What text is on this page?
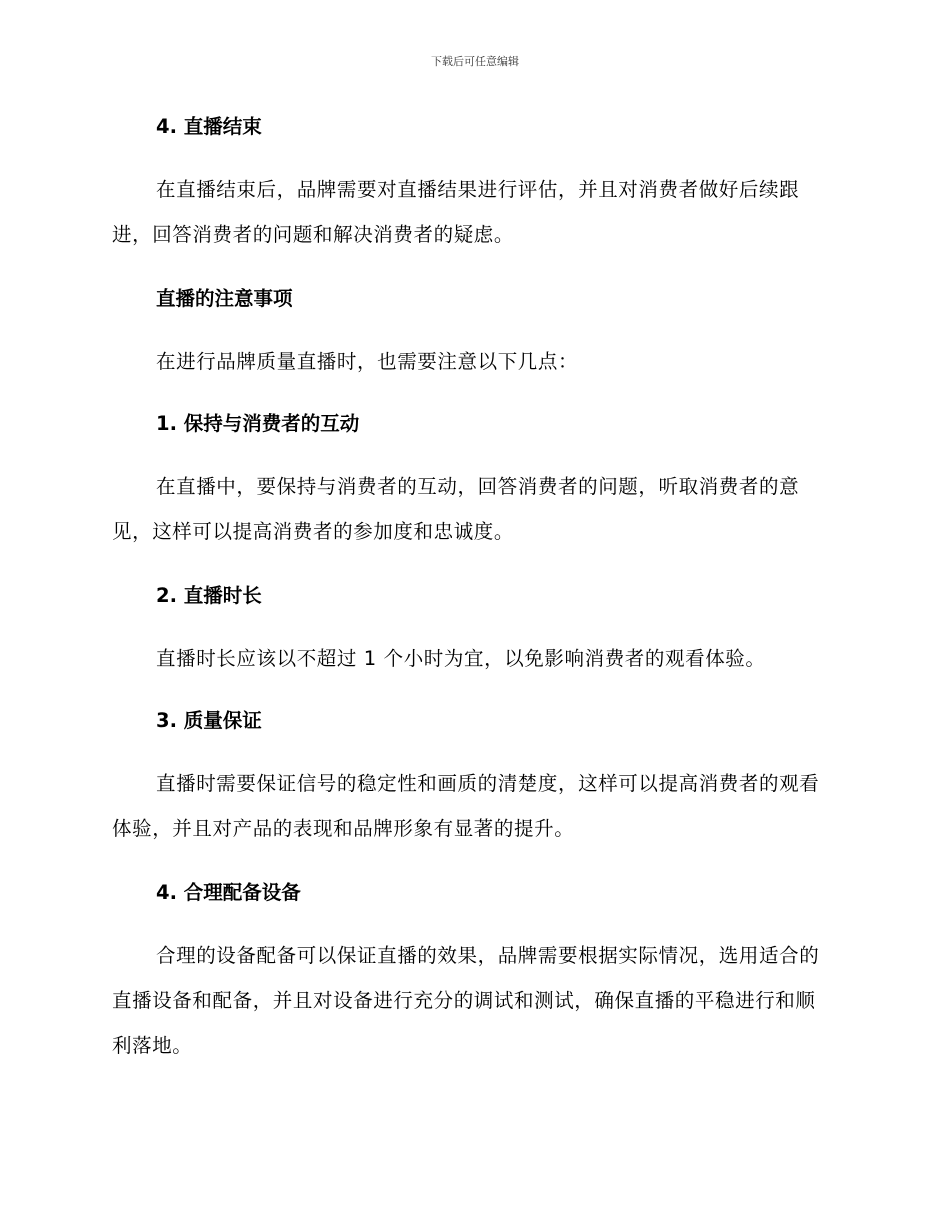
下载后可任意编辑
4. 直播结束

在直播结束后，品牌需要对直播结果进行评估，并且对消费者做好后续跟进，回答消费者的问题和解决消费者的疑虑。

直播的注意事项

在进行品牌质量直播时，也需要注意以下几点：

1. 保持与消费者的互动

在直播中，要保持与消费者的互动，回答消费者的问题，听取消费者的意见，这样可以提高消费者的参加度和忠诚度。

2. 直播时长

直播时长应该以不超过 1 个小时为宜，以免影响消费者的观看体验。

3. 质量保证

直播时需要保证信号的稳定性和画质的清楚度，这样可以提高消费者的观看体验，并且对产品的表现和品牌形象有显著的提升。

4. 合理配备设备

合理的设备配备可以保证直播的效果，品牌需要根据实际情况，选用适合的直播设备和配备，并且对设备进行充分的调试和测试，确保直播的平稳进行和顺利落地。
